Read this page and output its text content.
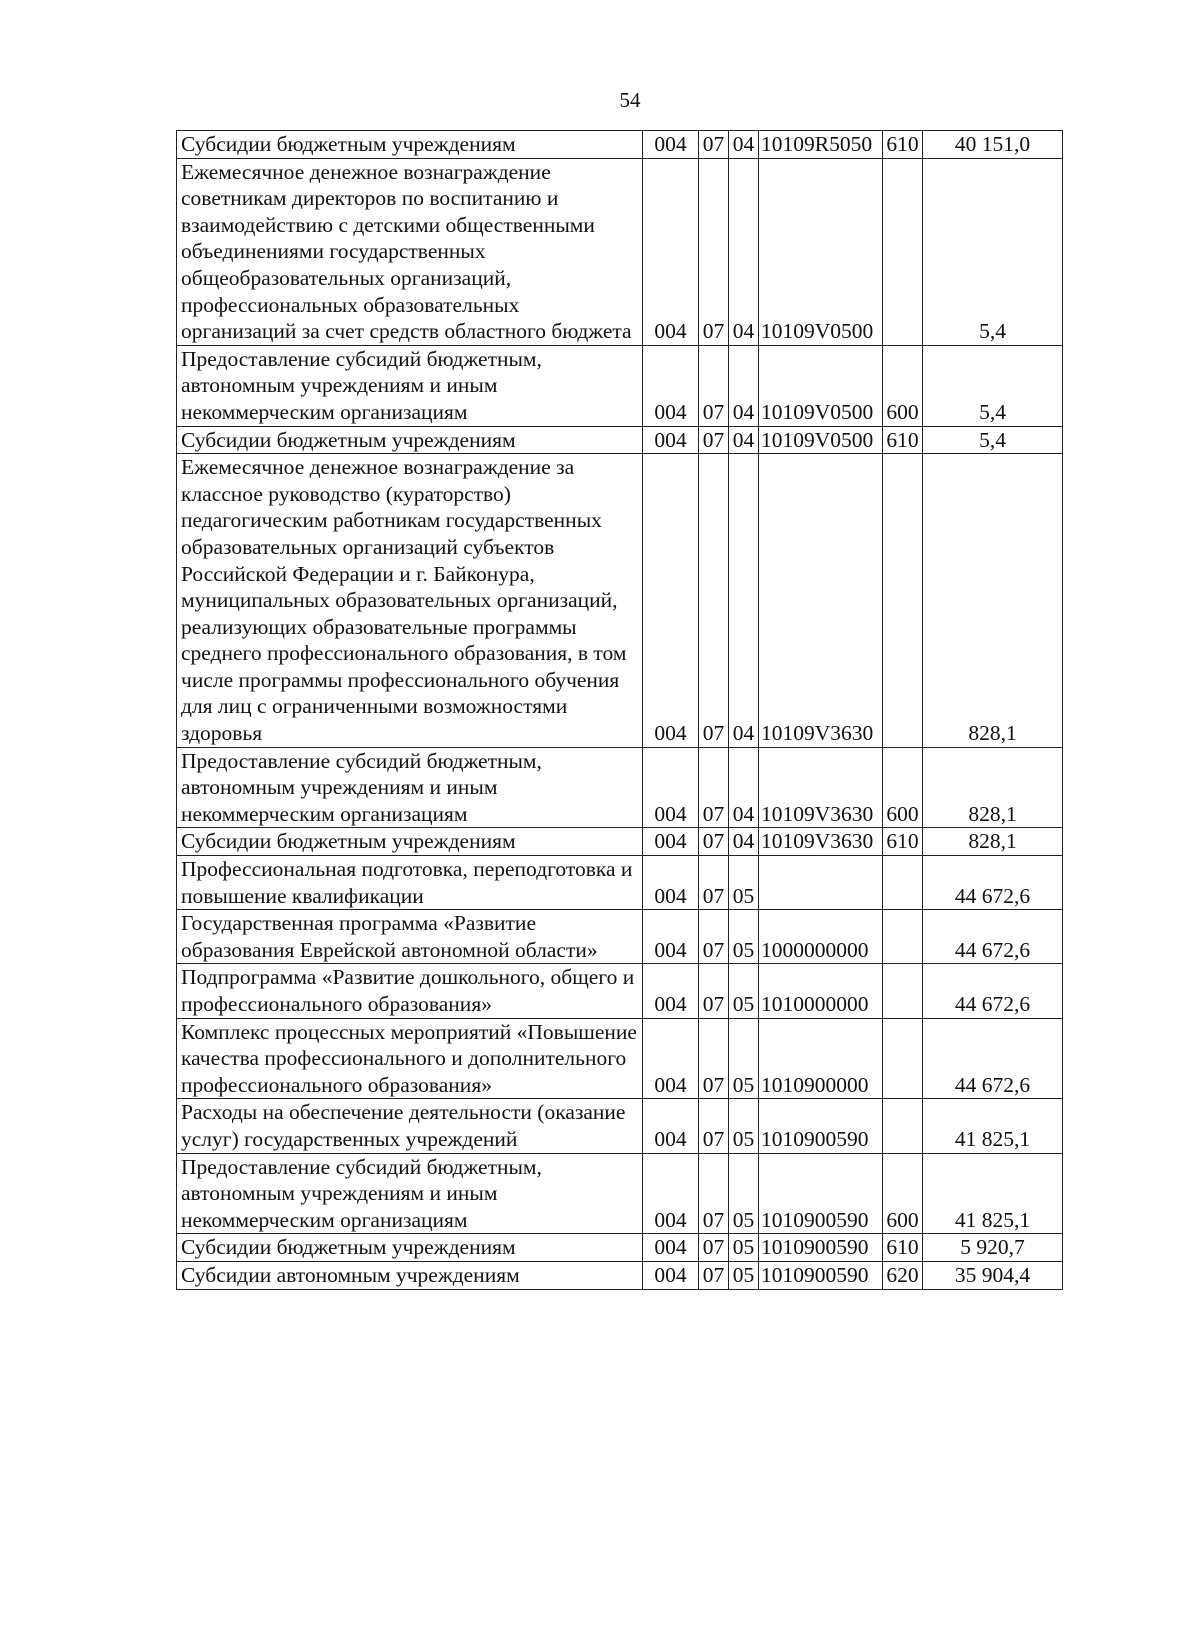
54
Субсидии бюджетным учреждениям	004	07	04	10109R5050	610	40 151,0
Ежемесячное денежное вознаграждение советникам директоров по воспитанию и взаимодействию с детскими общественными объединениями государственных общеобразовательных организаций, профессиональных образовательных организаций за счет средств областного бюджета	004	07	04	10109V0500		5,4
Предоставление субсидий бюджетным, автономным учреждениям и иным некоммерческим организациям	004	07	04	10109V0500	600	5,4
Субсидии бюджетным учреждениям	004	07	04	10109V0500	610	5,4
Ежемесячное денежное вознаграждение за классное руководство (кураторство) педагогическим работникам государственных образовательных организаций субъектов Российской Федерации и г. Байконура, муниципальных образовательных организаций, реализующих образовательные программы среднего профессионального образования, в том числе программы профессионального обучения для лиц с ограниченными возможностями здоровья	004	07	04	10109V3630		828,1
Предоставление субсидий бюджетным, автономным учреждениям и иным некоммерческим организациям	004	07	04	10109V3630	600	828,1
Субсидии бюджетным учреждениям	004	07	04	10109V3630	610	828,1
Профессиональная подготовка, переподготовка и повышение квалификации	004	07	05			44 672,6
Государственная программа «Развитие образования Еврейской автономной области»	004	07	05	1000000000		44 672,6
Подпрограмма «Развитие дошкольного, общего и профессионального образования»	004	07	05	1010000000		44 672,6
Комплекс процессных мероприятий «Повышение качества профессионального и дополнительного профессионального образования»	004	07	05	1010900000		44 672,6
Расходы на обеспечение деятельности (оказание услуг) государственных учреждений	004	07	05	1010900590		41 825,1
Предоставление субсидий бюджетным, автономным учреждениям и иным некоммерческим организациям	004	07	05	1010900590	600	41 825,1
Субсидии бюджетным учреждениям	004	07	05	1010900590	610	5 920,7
Субсидии автономным учреждениям	004	07	05	1010900590	620	35 904,4
